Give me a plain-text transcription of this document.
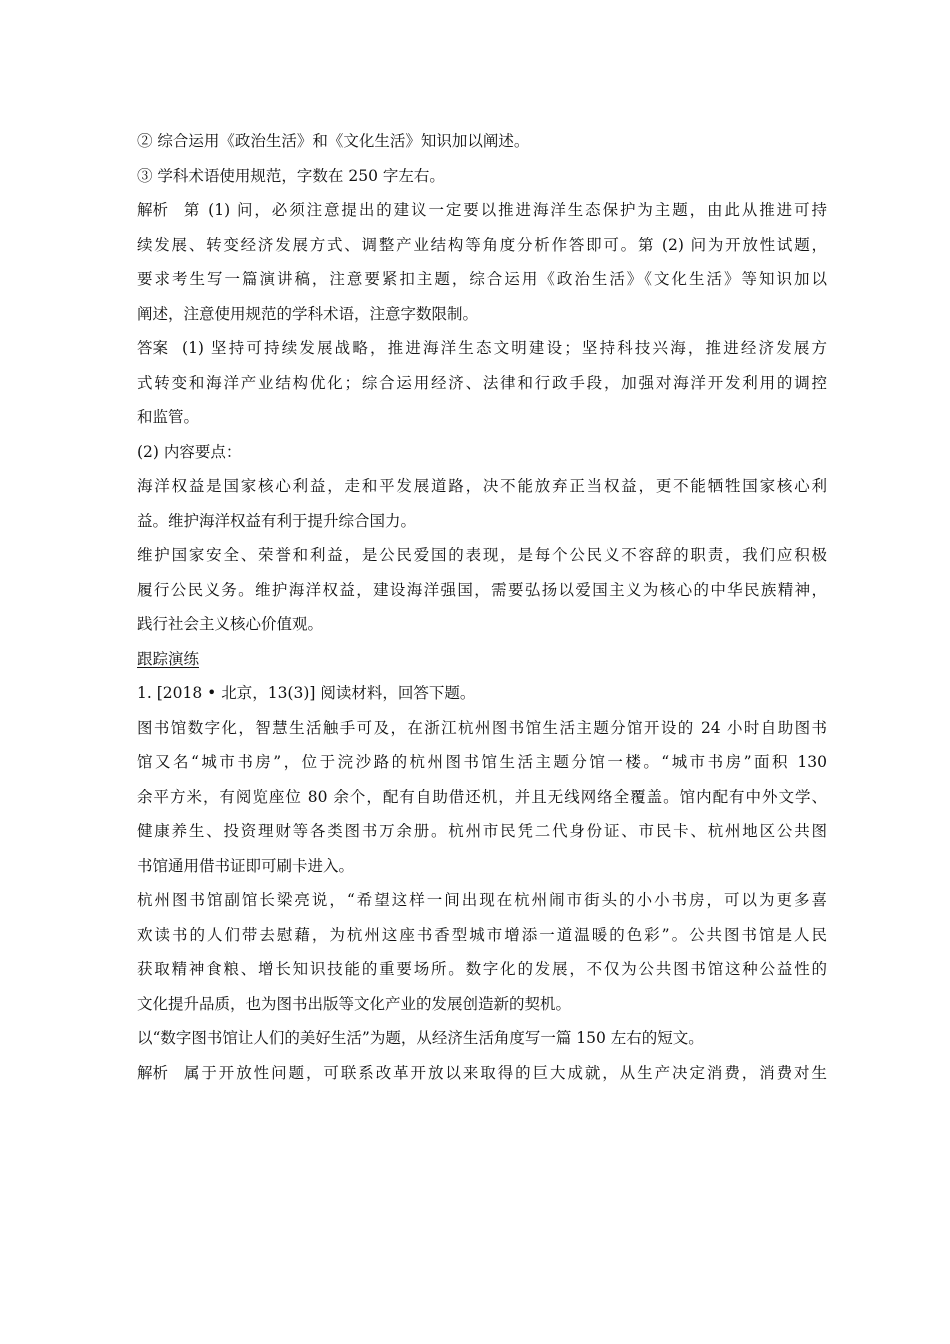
② 综合运用《政治生活》和《文化生活》知识加以阐述。

③ 学科术语使用规范，字数在 250 字左右。

解析 第 (1) 问，必须注意提出的建议一定要以推进海洋生态保护为主题，由此从推进可持
续发展、转变经济发展方式、调整产业结构等角度分析作答即可。第 (2) 问为开放性试题，
要求考生写一篇演讲稿，注意要紧扣主题，综合运用《政治生活》《文化生活》等知识加以
阐述，注意使用规范的学科术语，注意字数限制。

答案 (1) 坚持可持续发展战略，推进海洋生态文明建设；坚持科技兴海，推进经济发展方
式转变和海洋产业结构优化；综合运用经济、法律和行政手段，加强对海洋开发利用的调控
和监管。

(2) 内容要点：

海洋权益是国家核心利益，走和平发展道路，决不能放弃正当权益，更不能牺牲国家核心利
益。维护海洋权益有利于提升综合国力。

维护国家安全、荣誉和利益，是公民爱国的表现，是每个公民义不容辞的职责，我们应积极
履行公民义务。维护海洋权益，建设海洋强国，需要弘扬以爱国主义为核心的中华民族精神，
践行社会主义核心价值观。

跟踪演练

1. [2018 • 北京，13(3)] 阅读材料，回答下题。

图书馆数字化，智慧生活触手可及，在浙江杭州图书馆生活主题分馆开设的 24 小时自助图书
馆又名“城市书房”，位于浣沙路的杭州图书馆生活主题分馆一楼。“城市书房”面积 130
余平方米，有阅览座位 80 余个，配有自助借还机，并且无线网络全覆盖。馆内配有中外文学、
健康养生、投资理财等各类图书万余册。杭州市民凭二代身份证、市民卡、杭州地区公共图
书馆通用借书证即可刷卡进入。

杭州图书馆副馆长梁亮说，“希望这样一间出现在杭州闹市街头的小小书房，可以为更多喜
欢读书的人们带去慰藉，为杭州这座书香型城市增添一道温暖的色彩”。公共图书馆是人民
获取精神食粮、增长知识技能的重要场所。数字化的发展，不仅为公共图书馆这种公益性的
文化提升品质，也为图书出版等文化产业的发展创造新的契机。

以“数字图书馆让人们的美好生活”为题，从经济生活角度写一篇 150 左右的短文。

解析 属于开放性问题，可联系改革开放以来取得的巨大成就，从生产决定消费，消费对生
